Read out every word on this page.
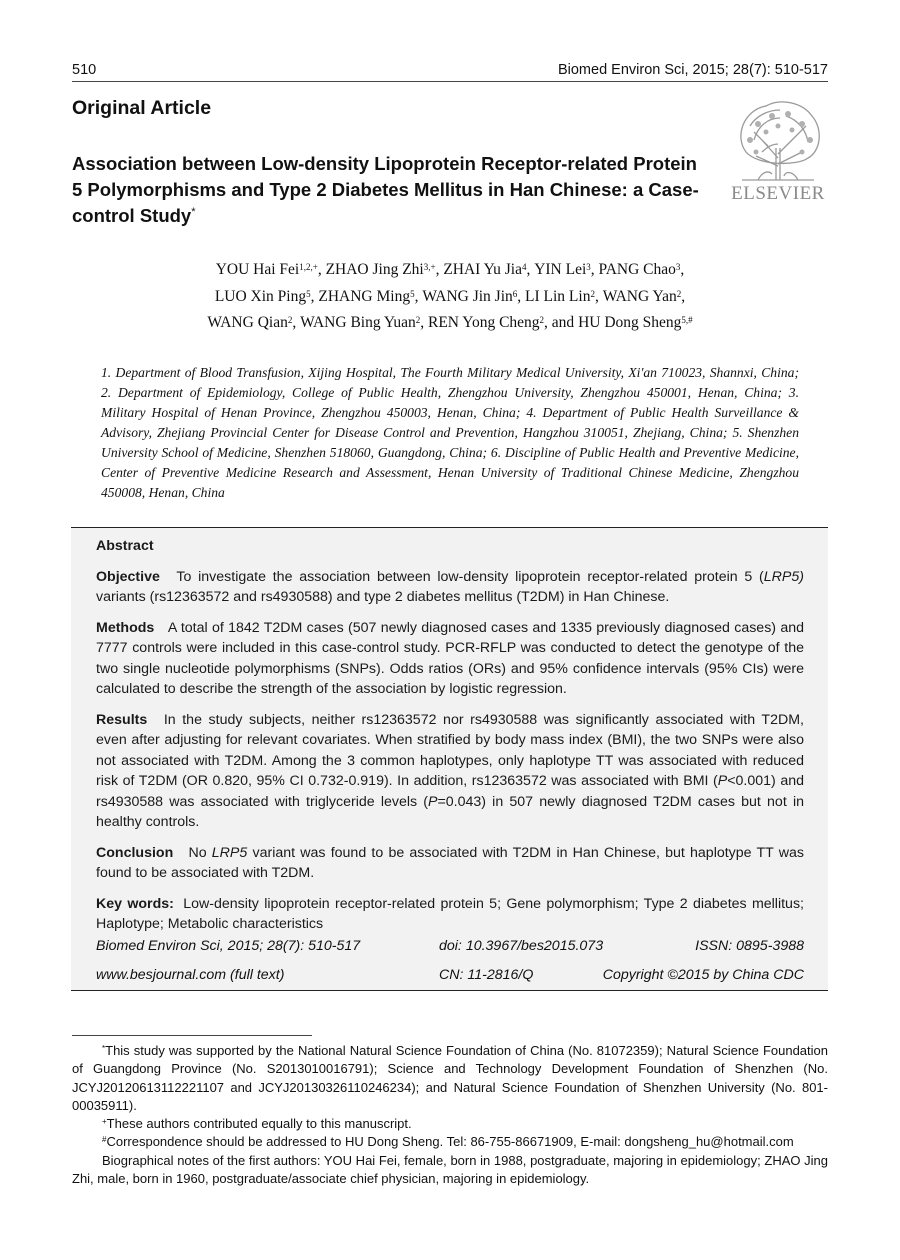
510	Biomed Environ Sci, 2015; 28(7): 510-517
Original Article
Association between Low-density Lipoprotein Receptor-related Protein 5 Polymorphisms and Type 2 Diabetes Mellitus in Han Chinese: a Case-control Study*
ELSEVIER
YOU Hai Fei$^{1,2,+}$, ZHAO Jing Zhi$^{3,+}$, ZHAI Yu Jia$^4$, YIN Lei$^3$, PANG Chao$^3$,
LUO Xin Ping$^5$, ZHANG Ming$^5$, WANG Jin Jin$^6$, LI Lin Lin$^2$, WANG Yan$^2$,
WANG Qian$^2$, WANG Bing Yuan$^2$, REN Yong Cheng$^2$, and HU Dong Sheng$^{5,\#}$
1. Department of Blood Transfusion, Xijing Hospital, The Fourth Military Medical University, Xi'an 710023, Shannxi, China; 2. Department of Epidemiology, College of Public Health, Zhengzhou University, Zhengzhou 450001, Henan, China; 3. Military Hospital of Henan Province, Zhengzhou 450003, Henan, China; 4. Department of Public Health Surveillance & Advisory, Zhejiang Provincial Center for Disease Control and Prevention, Hangzhou 310051, Zhejiang, China; 5. Shenzhen University School of Medicine, Shenzhen 518060, Guangdong, China; 6. Discipline of Public Health and Preventive Medicine, Center of Preventive Medicine Research and Assessment, Henan University of Traditional Chinese Medicine, Zhengzhou 450008, Henan, China
Abstract
Objective To investigate the association between low-density lipoprotein receptor-related protein 5 (LRP5) variants (rs12363572 and rs4930588) and type 2 diabetes mellitus (T2DM) in Han Chinese.
Methods A total of 1842 T2DM cases (507 newly diagnosed cases and 1335 previously diagnosed cases) and 7777 controls were included in this case-control study. PCR-RFLP was conducted to detect the genotype of the two single nucleotide polymorphisms (SNPs). Odds ratios (ORs) and 95% confidence intervals (95% CIs) were calculated to describe the strength of the association by logistic regression.
Results In the study subjects, neither rs12363572 nor rs4930588 was significantly associated with T2DM, even after adjusting for relevant covariates. When stratified by body mass index (BMI), the two SNPs were also not associated with T2DM. Among the 3 common haplotypes, only haplotype TT was associated with reduced risk of T2DM (OR 0.820, 95% CI 0.732-0.919). In addition, rs12363572 was associated with BMI (P<0.001) and rs4930588 was associated with triglyceride levels (P=0.043) in 507 newly diagnosed T2DM cases but not in healthy controls.
Conclusion No LRP5 variant was found to be associated with T2DM in Han Chinese, but haplotype TT was found to be associated with T2DM.
Key words: Low-density lipoprotein receptor-related protein 5; Gene polymorphism; Type 2 diabetes mellitus; Haplotype; Metabolic characteristics
Biomed Environ Sci, 2015; 28(7): 510-517	doi: 10.3967/bes2015.073	ISSN: 0895-3988
www.besjournal.com (full text)	CN: 11-2816/Q	Copyright ©2015 by China CDC
*This study was supported by the National Natural Science Foundation of China (No. 81072359); Natural Science Foundation of Guangdong Province (No. S2013010016791); Science and Technology Development Foundation of Shenzhen (No. JCYJ20120613112221107 and JCYJ20130326110246234); and Natural Science Foundation of Shenzhen University (No. 801-00035911).
+These authors contributed equally to this manuscript.
#Correspondence should be addressed to HU Dong Sheng. Tel: 86-755-86671909, E-mail: dongsheng_hu@hotmail.com
Biographical notes of the first authors: YOU Hai Fei, female, born in 1988, postgraduate, majoring in epidemiology; ZHAO Jing Zhi, male, born in 1960, postgraduate/associate chief physician, majoring in epidemiology.
